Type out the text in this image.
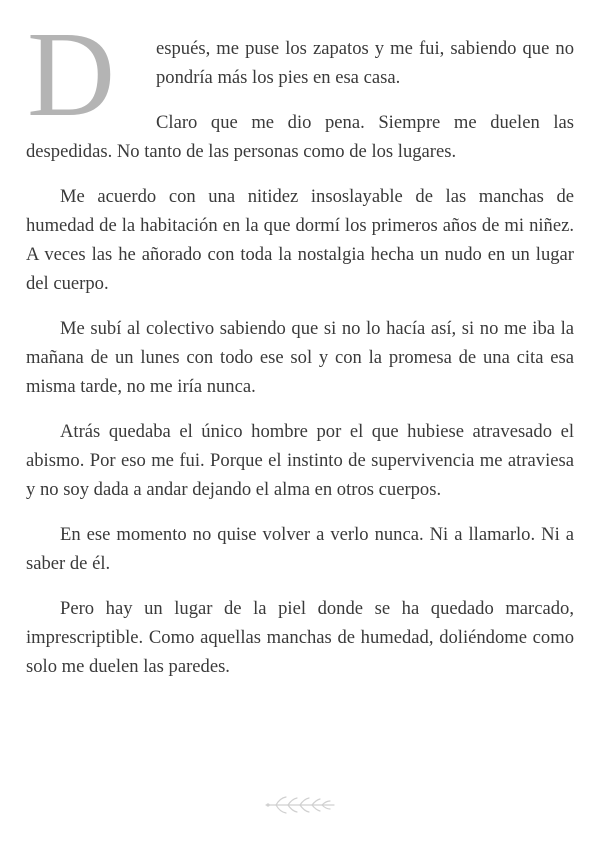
D	espués, me puse los zapatos y me fui, sabiendo que no pondría más los pies en esa casa.

Claro que me dio pena. Siempre me duelen las despedidas. No tanto de las personas como de los lugares.

Me acuerdo con una nitidez insoslayable de las manchas de humedad de la habitación en la que dormí los primeros años de mi niñez. A veces las he añorado con toda la nostalgia hecha un nudo en un lugar del cuerpo.

Me subí al colectivo sabiendo que si no lo hacía así, si no me iba la mañana de un lunes con todo ese sol y con la promesa de una cita esa misma tarde, no me iría nunca.

Atrás quedaba el único hombre por el que hubiese atravesado el abismo. Por eso me fui. Porque el instinto de supervivencia me atraviesa y no soy dada a andar dejando el alma en otros cuerpos.

En ese momento no quise volver a verlo nunca. Ni a llamarlo. Ni a saber de él.

Pero hay un lugar de la piel donde se ha quedado marcado, imprescriptible. Como aquellas manchas de humedad, doliéndome como solo me duelen las paredes.
